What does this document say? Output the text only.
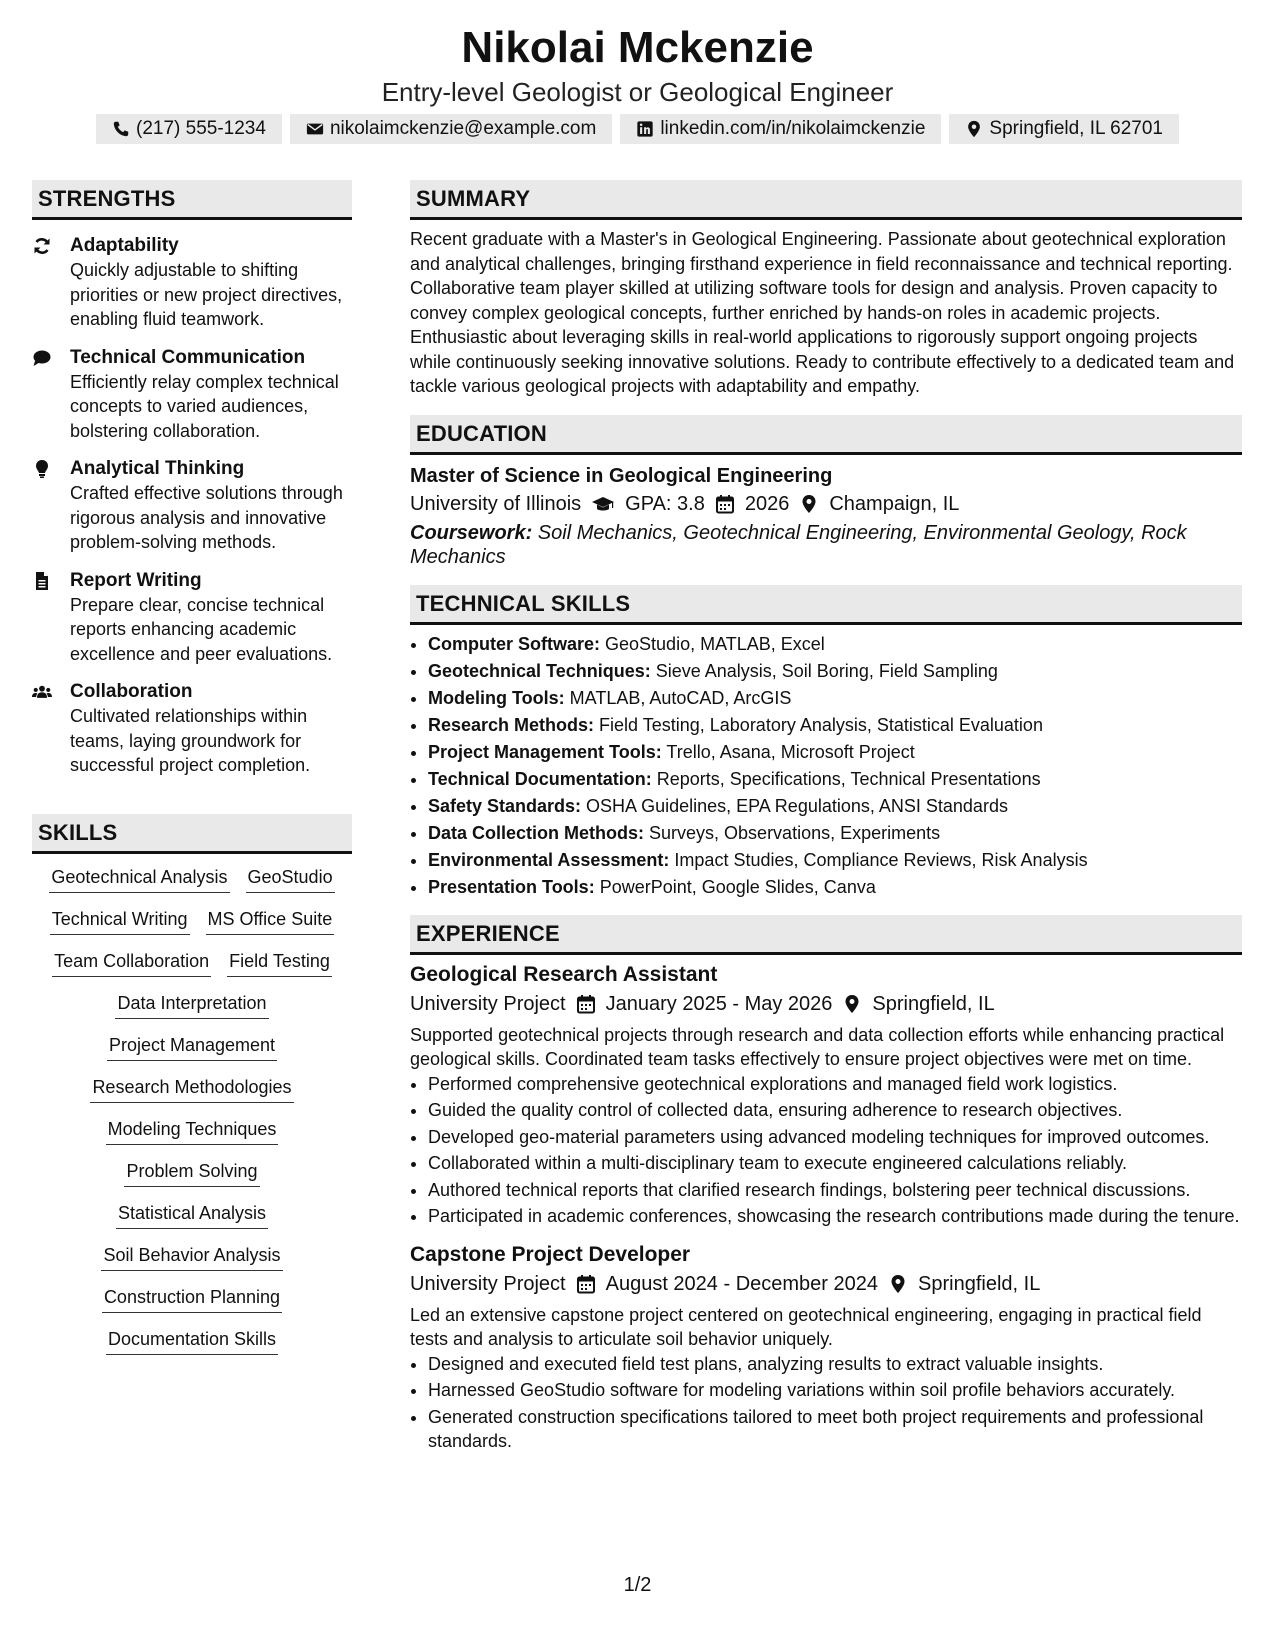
Nikolai Mckenzie
Entry-level Geologist or Geological Engineer
(217) 555-1234	nikolaimckenzie@example.com	linkedin.com/in/nikolaimckenzie	Springfield, IL 62701
STRENGTHS
Adaptability
Quickly adjustable to shifting priorities or new project directives, enabling fluid teamwork.
Technical Communication
Efficiently relay complex technical concepts to varied audiences, bolstering collaboration.
Analytical Thinking
Crafted effective solutions through rigorous analysis and innovative problem-solving methods.
Report Writing
Prepare clear, concise technical reports enhancing academic excellence and peer evaluations.
Collaboration
Cultivated relationships within teams, laying groundwork for successful project completion.
SKILLS
Geotechnical Analysis GeoStudio
Technical Writing MS Office Suite
Team Collaboration Field Testing
Data Interpretation
Project Management
Research Methodologies
Modeling Techniques
Problem Solving
Statistical Analysis
Soil Behavior Analysis
Construction Planning
Documentation Skills
SUMMARY
Recent graduate with a Master's in Geological Engineering. Passionate about geotechnical exploration and analytical challenges, bringing firsthand experience in field reconnaissance and technical reporting. Collaborative team player skilled at utilizing software tools for design and analysis. Proven capacity to convey complex geological concepts, further enriched by hands-on roles in academic projects. Enthusiastic about leveraging skills in real-world applications to rigorously support ongoing projects while continuously seeking innovative solutions. Ready to contribute effectively to a dedicated team and tackle various geological projects with adaptability and empathy.
EDUCATION
Master of Science in Geological Engineering
University of Illinois GPA: 3.8 2026 Champaign, IL
Coursework: Soil Mechanics, Geotechnical Engineering, Environmental Geology, Rock Mechanics
TECHNICAL SKILLS
• Computer Software: GeoStudio, MATLAB, Excel
• Geotechnical Techniques: Sieve Analysis, Soil Boring, Field Sampling
• Modeling Tools: MATLAB, AutoCAD, ArcGIS
• Research Methods: Field Testing, Laboratory Analysis, Statistical Evaluation
• Project Management Tools: Trello, Asana, Microsoft Project
• Technical Documentation: Reports, Specifications, Technical Presentations
• Safety Standards: OSHA Guidelines, EPA Regulations, ANSI Standards
• Data Collection Methods: Surveys, Observations, Experiments
• Environmental Assessment: Impact Studies, Compliance Reviews, Risk Analysis
• Presentation Tools: PowerPoint, Google Slides, Canva
EXPERIENCE
Geological Research Assistant
University Project January 2025 - May 2026 Springfield, IL
Supported geotechnical projects through research and data collection efforts while enhancing practical geological skills. Coordinated team tasks effectively to ensure project objectives were met on time.
• Performed comprehensive geotechnical explorations and managed field work logistics.
• Guided the quality control of collected data, ensuring adherence to research objectives.
• Developed geo-material parameters using advanced modeling techniques for improved outcomes.
• Collaborated within a multi-disciplinary team to execute engineered calculations reliably.
• Authored technical reports that clarified research findings, bolstering peer technical discussions.
• Participated in academic conferences, showcasing the research contributions made during the tenure.
Capstone Project Developer
University Project August 2024 - December 2024 Springfield, IL
Led an extensive capstone project centered on geotechnical engineering, engaging in practical field tests and analysis to articulate soil behavior uniquely.
• Designed and executed field test plans, analyzing results to extract valuable insights.
• Harnessed GeoStudio software for modeling variations within soil profile behaviors accurately.
• Generated construction specifications tailored to meet both project requirements and professional standards.
1/2
